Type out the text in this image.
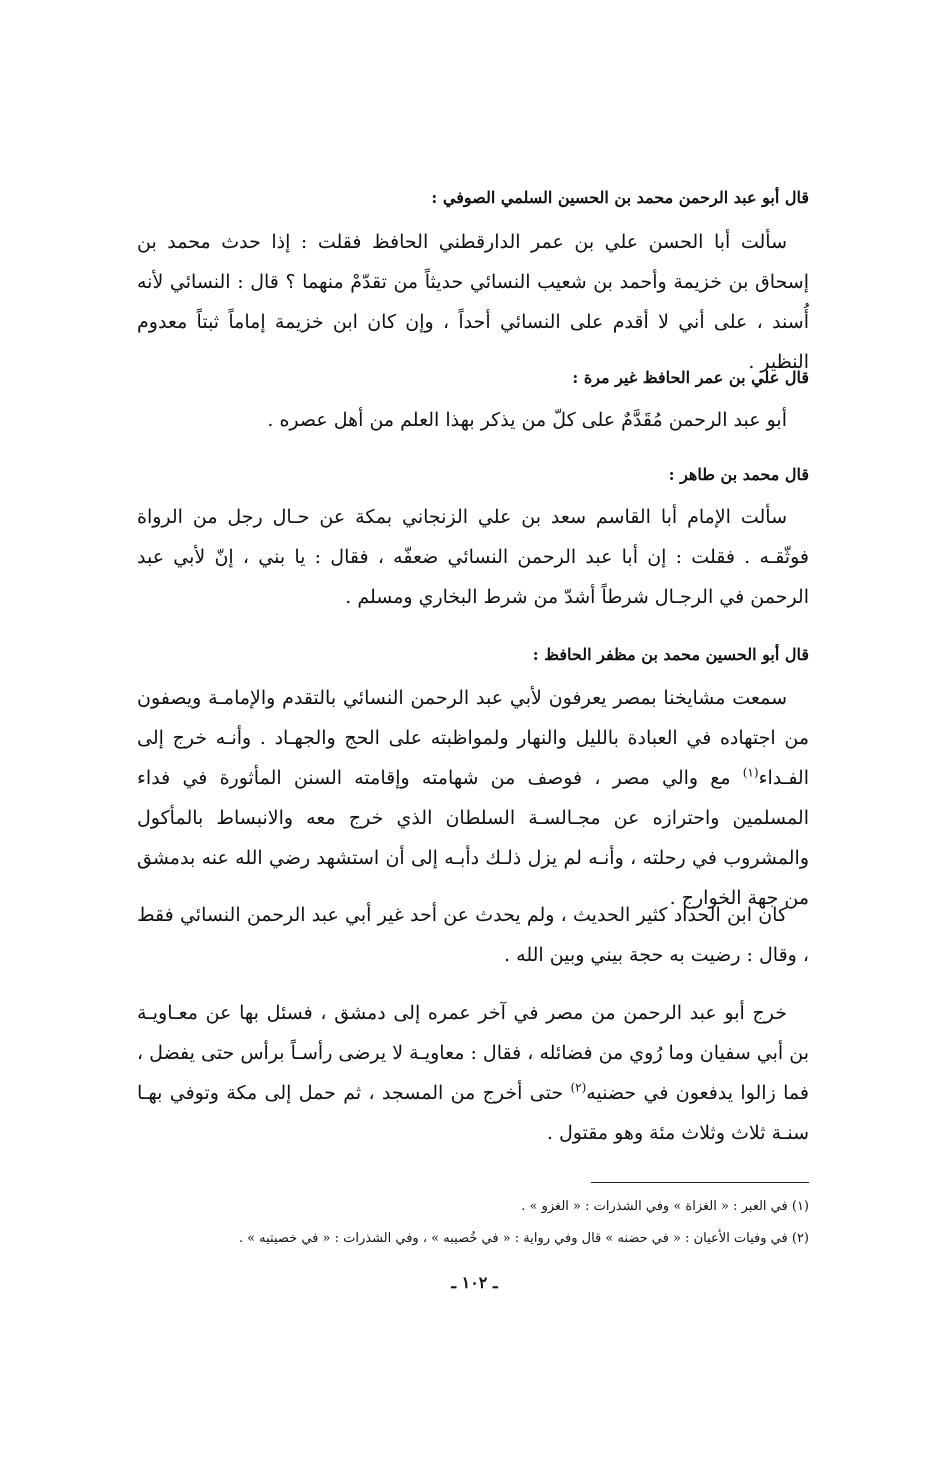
قال أبو عبد الرحمن محمد بن الحسين السلمي الصوفي :
سألت أبا الحسن علي بن عمر الدارقطني الحافظ فقلت : إذا حدث محمد بن إسحاق بن خزيمة وأحمد بن شعيب النسائي حديثاً من تقدّمْ منهما ؟ قال : النسائي لأنه أُسند ، على أني لا أقدم على النسائي أحداً ، وإن كان ابن خزيمة إماماً ثبتاً معدوم النظير .
قال علي بن عمر الحافظ غير مرة :
أبو عبد الرحمن مُقَدَّمٌ على كلّ من يذكر بهذا العلم من أهل عصره .
قال محمد بن طاهر :
سألت الإمام أبا القاسم سعد بن علي الزنجاني بمكة عن حـال رجل من الرواة فوثّقـه . فقلت : إن أبا عبد الرحمن النسائي ضعفّه ، فقال : يا بني ، إنّ لأبي عبد الرحمن في الرجـال شرطاً أشدّ من شرط البخاري ومسلم .
قال أبو الحسين محمد بن مظفر الحافظ :
سمعت مشايخنا بمصر يعرفون لأبي عبد الرحمن النسائي بالتقدم والإمامـة ويصفون من اجتهاده في العبادة بالليل والنهار ولمواظبته على الحج والجهـاد . وأنـه خرج إلى الفـداء$^{(١)}$ مع والي مصر ، فوصف من شهامته وإقامته السنن المأثورة في فداء المسلمين واحترازه عن مجـالسـة السلطان الذي خرج معه والانبساط بالمأكول والمشروب في رحلته ، وأنـه لم يزل ذلـك دأبـه إلى أن استشهد رضي الله عنه بدمشق من جهة الخوارج .
كان ابن الحداد كثير الحديث ، ولم يحدث عن أحد غير أبي عبد الرحمن النسائي فقط ، وقال : رضيت به حجة بيني وبين الله .
خرج أبو عبد الرحمن من مصر في آخر عمره إلى دمشق ، فسئل بها عن معـاويـة بن أبي سفيان وما رُوي من فضائله ، فقال : معاويـة لا يرضى رأسـاً برأس حتى يفضل ، فما زالوا يدفعون في حضنيه$^{(٢)}$ حتى أخرج من المسجد ، ثم حمل إلى مكة وتوفي بهـا سنـة ثلاث وثلاث مئة وهو مقتول .
(١) في العبر : « الغزاة » وفي الشذرات : « الغزو » .
(٢) في وفيات الأعيان : « في حضنه » قال وفي رواية : « في خُصيبه » ، وفي الشذرات : « في خصيتيه » .
ـ ١٠٢ ـ
